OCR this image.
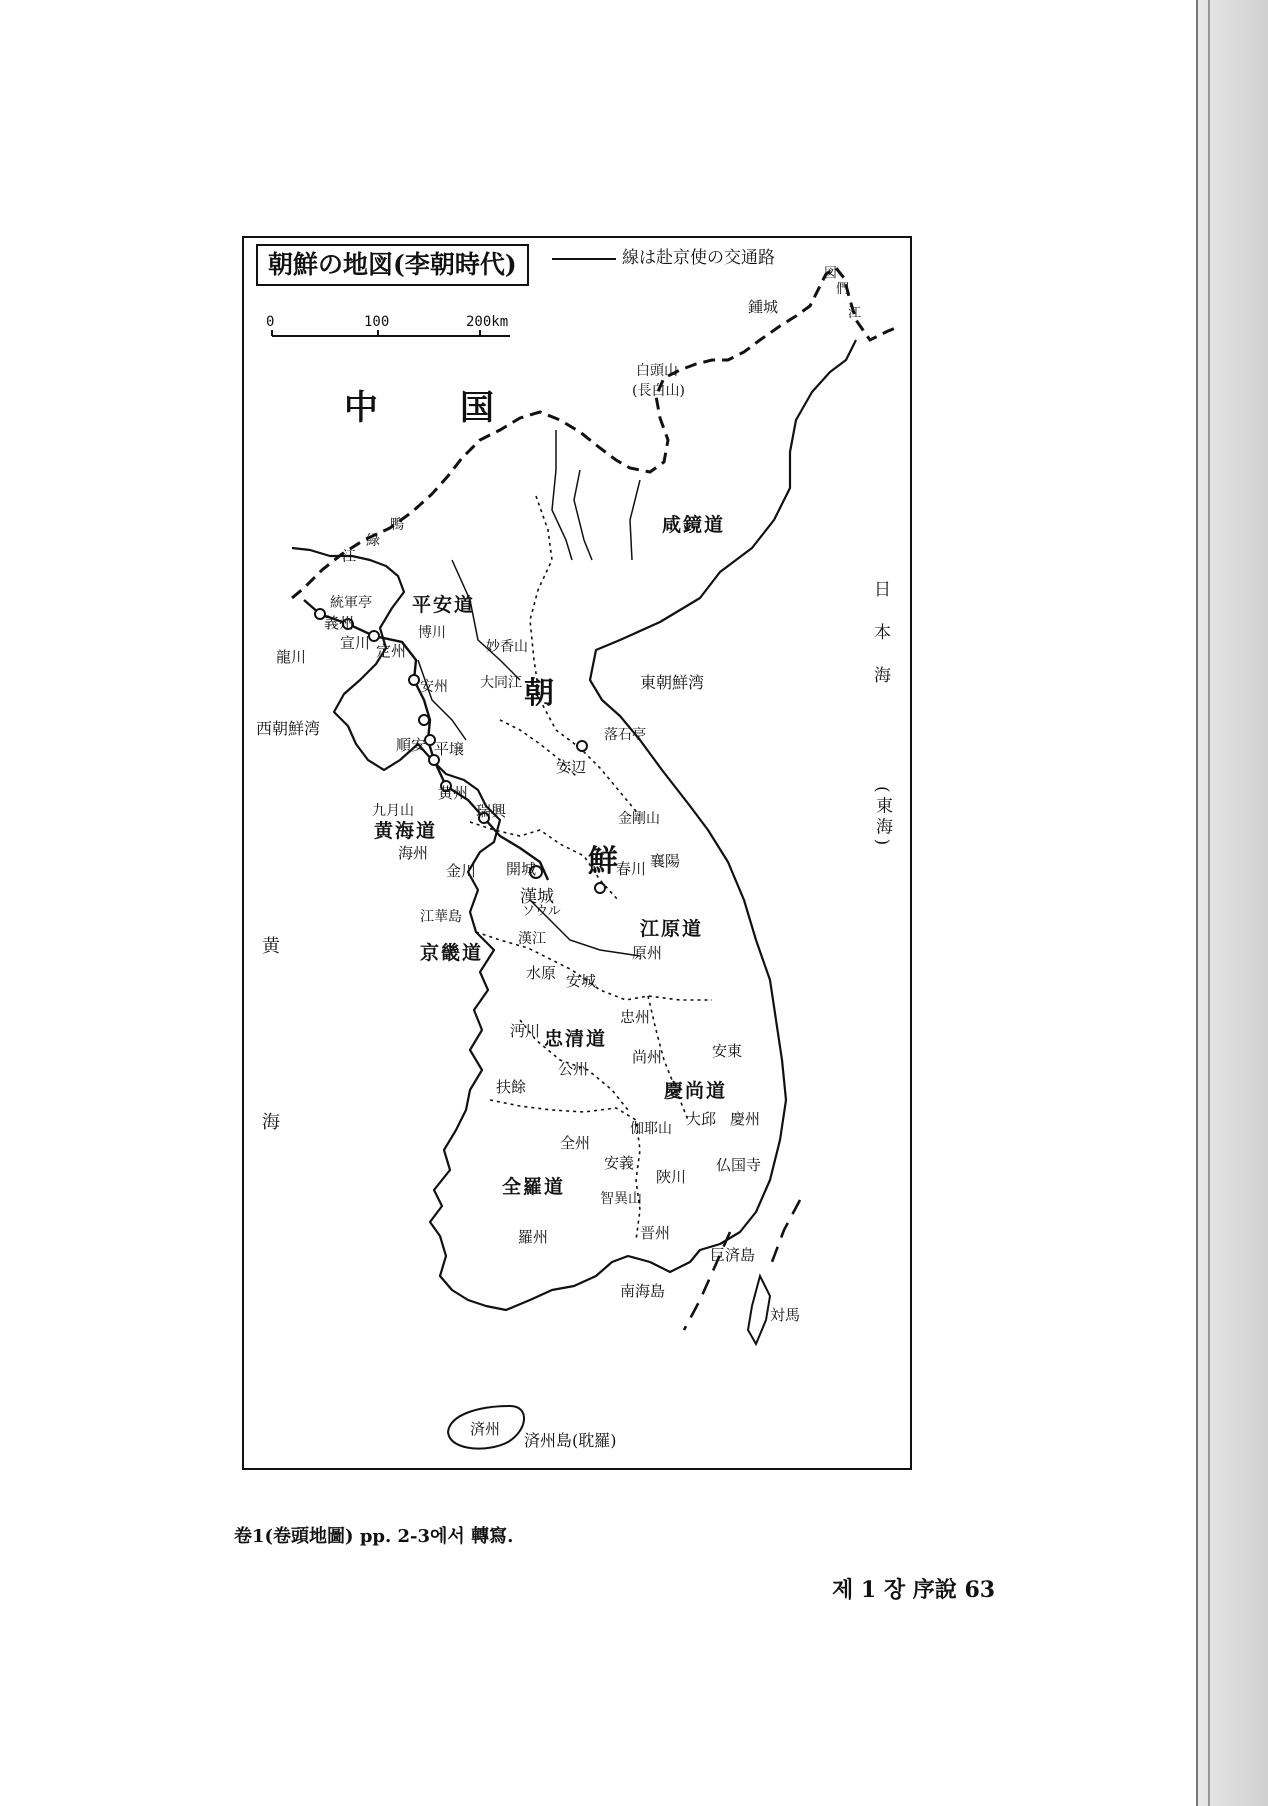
朝鮮の地図(李朝時代)	線は赴京使の交通路
0	100	200km
中 国
朝
鮮
日本海
(東海)
黄
海
西朝鮮湾
東朝鮮湾
平安道
咸鏡道
黄海道
京畿道
江原道
忠清道
慶尚道
全羅道
鍾城
図
們
江
白頭山
(長白山)
江
緑
鴨
統軍亭
義州
宣川 定州
博川
龍川
妙香山
安州 大同江
順安 平壌
安辺
落石亭
黄州
九月山
海州
瑞興
金川 開城
金剛山
襄陽
漢城
ソウル
春川
江華島
漢江
原州
水原 安城
忠州
沔川
公州
尚州	安東
扶餘
伽耶山
大邱 慶州
全州
安義
陜川
仏国寺
智異山
羅州	晋州
巨済島
南海島
対馬
済州
済州島(耽羅)
卷1(卷頭地圖) pp. 2-3에서 轉寫.
제 1 장 序說 63
